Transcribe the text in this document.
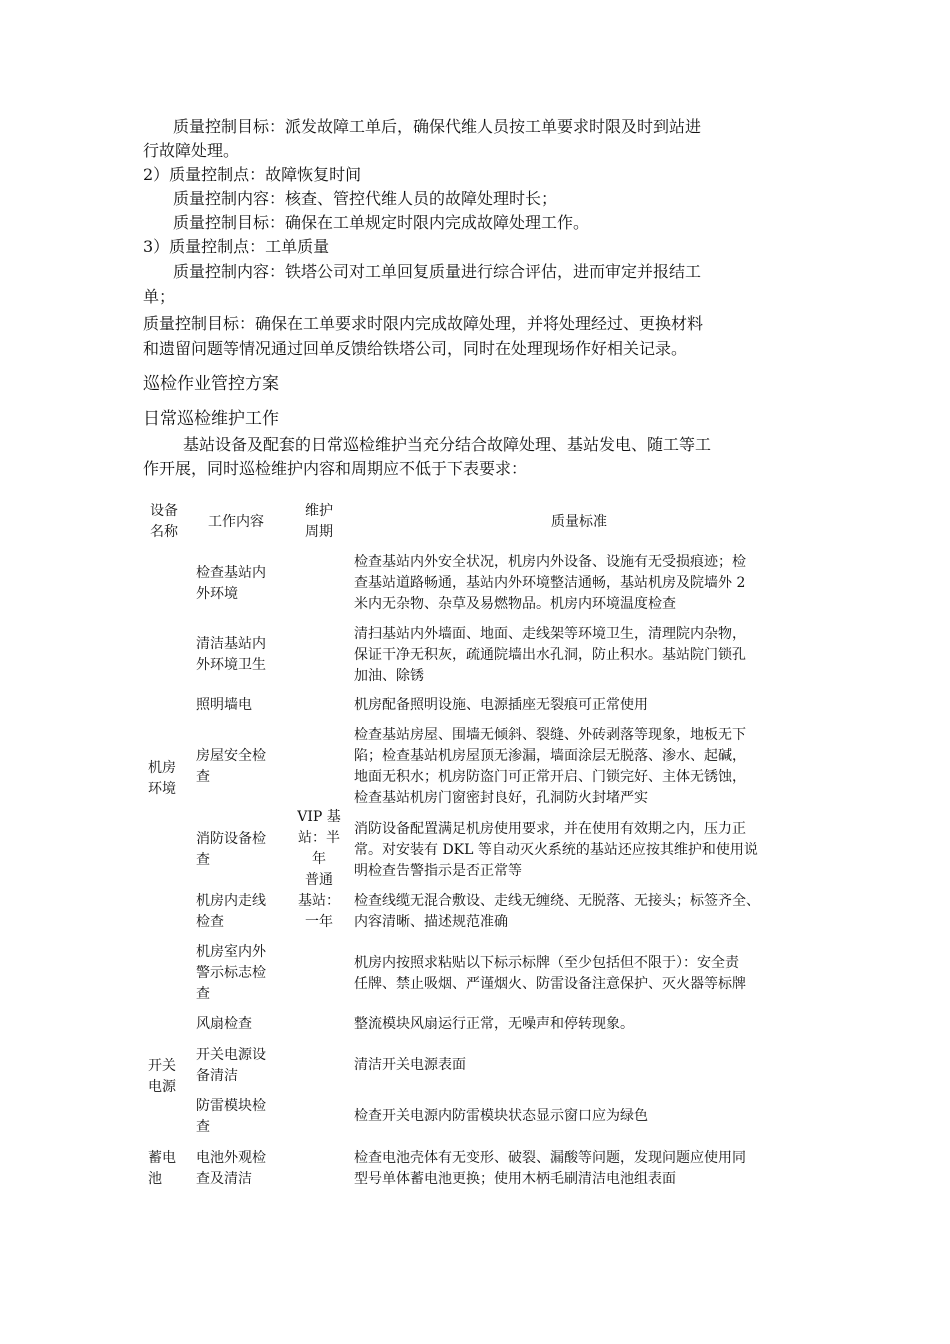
质量控制目标：派发故障工单后，确保代维人员按工单要求时限及时到站进
行故障处理。
2）质量控制点：故障恢复时间
质量控制内容：核查、管控代维人员的故障处理时长；
质量控制目标：确保在工单规定时限内完成故障处理工作。
3）质量控制点：工单质量
质量控制内容：铁塔公司对工单回复质量进行综合评估，进而审定并报结工
单；
质量控制目标：确保在工单要求时限内完成故障处理，并将处理经过、更换材料
和遗留问题等情况通过回单反馈给铁塔公司，同时在处理现场作好相关记录。
巡检作业管控方案
日常巡检维护工作
基站设备及配套的日常巡检维护当充分结合故障处理、基站发电、随工等工
作开展，同时巡检维护内容和周期应不低于下表要求：
设备
名称
工作内容
维护
周期
质量标准
机房
环境
开关
电源
蓄电
池
VIP 基
站：半
年
普通
基站：
一年
检查基站内
外环境
检查基站内外安全状况，机房内外设备、设施有无受损痕迹；检
查基站道路畅通，基站内外环境整洁通畅，基站机房及院墙外 2
米内无杂物、杂草及易燃物品。机房内环境温度检查
清洁基站内
外环境卫生
清扫基站内外墙面、地面、走线架等环境卫生，清理院内杂物，
保证干净无积灰，疏通院墙出水孔洞，防止积水。基站院门锁孔
加油、除锈
照明墙电	机房配备照明设施、电源插座无裂痕可正常使用
房屋安全检
查
检查基站房屋、围墙无倾斜、裂缝、外砖剥落等现象，地板无下
陷；检查基站机房屋顶无渗漏，墙面涂层无脱落、渗水、起碱，
地面无积水；机房防盗门可正常开启、门锁完好、主体无锈蚀，
检查基站机房门窗密封良好，孔洞防火封堵严实
消防设备检
查
消防设备配置满足机房使用要求，并在使用有效期之内，压力正
常。对安装有 DKL 等自动灭火系统的基站还应按其维护和使用说
明检查告警指示是否正常等
机房内走线
检查
检查线缆无混合敷设、走线无缠绕、无脱落、无接头；标签齐全、
内容清晰、描述规范准确
机房室内外
警示标志检
查
机房内按照求粘贴以下标示标牌（至少包括但不限于）：安全责
任牌、禁止吸烟、严谨烟火、防雷设备注意保护、灭火器等标牌
风扇检查	整流模块风扇运行正常，无噪声和停转现象。
开关电源设
备清洁
清洁开关电源表面
防雷模块检
查
检查开关电源内防雷模块状态显示窗口应为绿色
电池外观检
查及清洁
检查电池壳体有无变形、破裂、漏酸等问题，发现问题应使用同
型号单体蓄电池更换；使用木柄毛刷清洁电池组表面
